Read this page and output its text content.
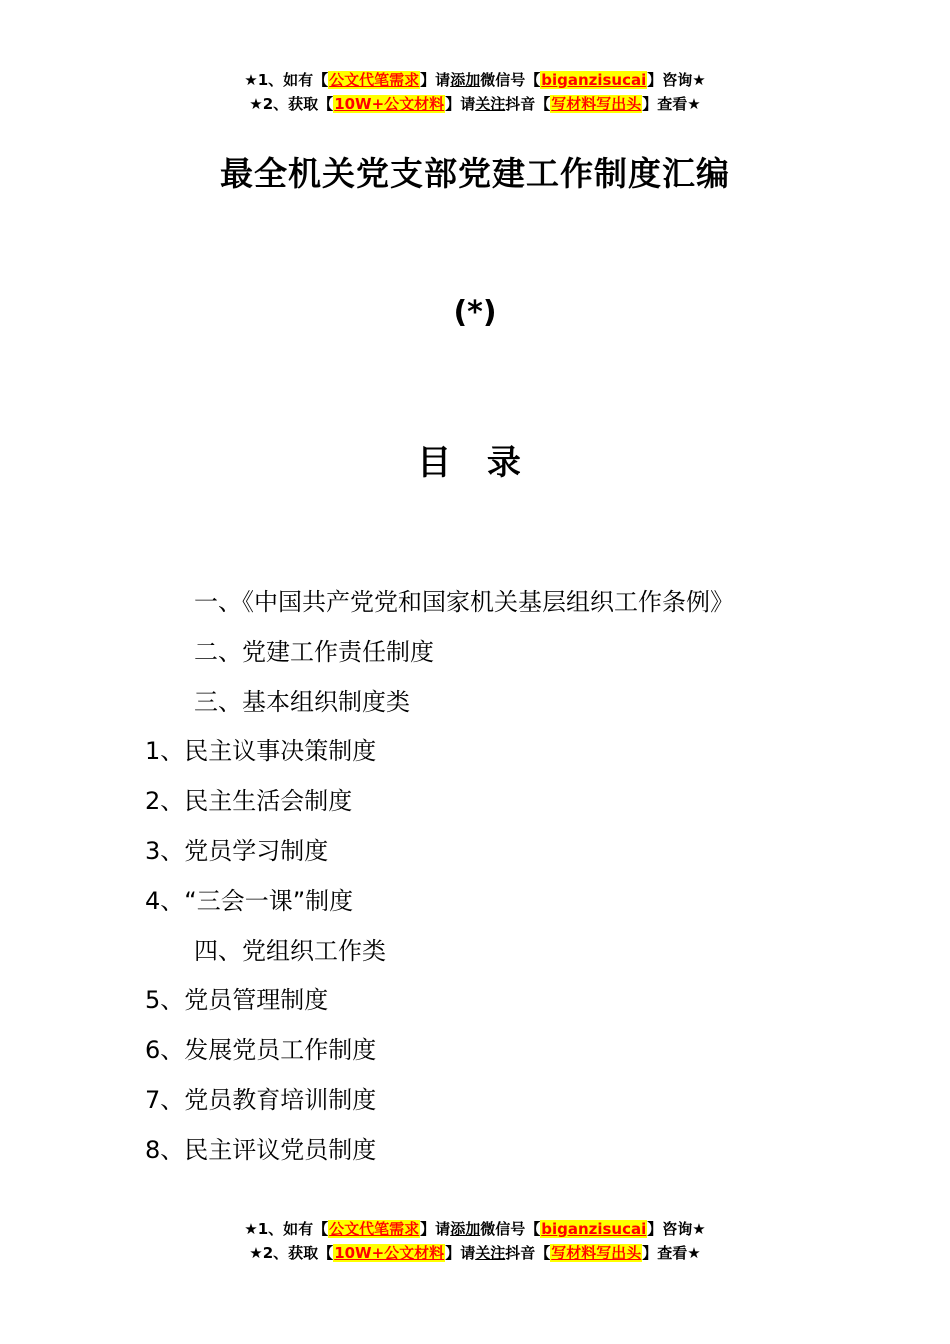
★1、如有【公文代笔需求】请添加微信号【biganzisucai】咨询★
★2、获取【10W+公文材料】请关注抖音【写材料写出头】查看★
最全机关党支部党建工作制度汇编
(*)
目 录
一、《中国共产党党和国家机关基层组织工作条例》
二、党建工作责任制度
三、基本组织制度类
1、民主议事决策制度
2、民主生活会制度
3、党员学习制度
4、“三会一课”制度
四、党组织工作类
5、党员管理制度
6、发展党员工作制度
7、党员教育培训制度
8、民主评议党员制度
★1、如有【公文代笔需求】请添加微信号【biganzisucai】咨询★
★2、获取【10W+公文材料】请关注抖音【写材料写出头】查看★
